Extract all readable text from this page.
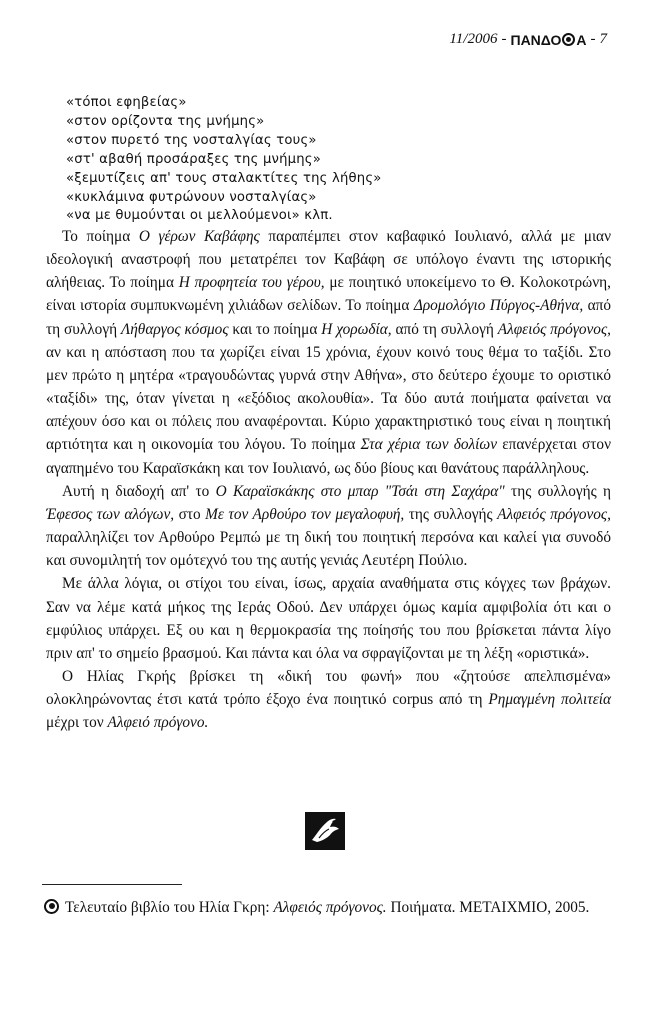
11/2006 - ΠΑΝΔΟ Α - 7
«τόποι εφηβείας»
«στον ορίζοντα της μνήμης»
«στον πυρετό της νοσταλγίας τους»
«στ' αβαθή προσάραξες της μνήμης»
«ξεμυτίζεις απ' τους σταλακτίτες της λήθης»
«κυκλάμινα φυτρώνουν νοσταλγίας»
«να με θυμούνται οι μελλούμενοι» κλπ.

Το ποίημα Ο γέρων Καβάφης παραπέμπει στον καβαφικό Ιουλιανό, αλλά με μιαν ιδεολογική αναστροφή που μετατρέπει τον Καβάφη σε υπόλογο έναντι της ιστορικής αλήθειας. Το ποίημα Η προφητεία του γέρου, με ποιητικό υποκείμενο το Θ. Κολοκοτρώνη, είναι ιστορία συμπυκνωμένη χιλιάδων σελίδων. Το ποίημα Δρομολόγιο Πύργος-Αθήνα, από τη συλλογή Λήθαργος κόσμος και το ποίημα Η χορωδία, από τη συλλογή Αλφειός πρόγονος, αν και η απόσταση που τα χωρίζει είναι 15 χρόνια, έχουν κοινό τους θέμα το ταξίδι. Στο μεν πρώτο η μητέρα «τραγουδώντας γυρνά στην Αθήνα», στο δεύτερο έχουμε το οριστικό «ταξίδι» της, όταν γίνεται η «εξόδιος ακολουθία». Τα δύο αυτά ποιήματα φαίνεται να απέχουν όσο και οι πόλεις που αναφέρονται. Κύριο χαρακτηριστικό τους είναι η ποιητική αρτιότητα και η οικονομία του λόγου. Το ποίημα Στα χέρια των δολίων επανέρχεται στον αγαπημένο του Καραϊσκάκη και τον Ιουλιανό, ως δύο βίους και θανάτους παράλληλους.

Αυτή η διαδοχή απ' το Ο Καραϊσκάκης στο μπαρ "Τσάι στη Σαχάρα" της συλλογής η Έφεσος των αλόγων, στο Με τον Αρθούρο τον μεγαλοφυή, της συλλογής Αλφειός πρόγονος, παραλληλίζει τον Αρθούρο Ρεμπώ με τη δική του ποιητική περσόνα και καλεί για συνοδό και συνομιλητή τον ομότεχνό του της αυτής γενιάς Λευτέρη Πούλιο.

Με άλλα λόγια, οι στίχοι του είναι, ίσως, αρχαία αναθήματα στις κόγχες των βράχων. Σαν να λέμε κατά μήκος της Ιεράς Οδού. Δεν υπάρχει όμως καμία αμφιβολία ότι και ο εμφύλιος υπάρχει. Εξ ου και η θερμοκρασία της ποίησής του που βρίσκεται πάντα λίγο πριν απ' το σημείο βρασμού. Και πάντα και όλα να σφραγίζονται με τη λέξη «οριστικά».

Ο Ηλίας Γκρής βρίσκει τη «δική του φωνή» που «ζητούσε απελπισμένα» ολοκληρώνοντας έτσι κατά τρόπο έξοχο ένα ποιητικό corpus από τη Ρημαγμένη πολιτεία μέχρι τον Αλφειό πρόγονο.

Τελευταίο βιβλίο του Ηλία Γκρη: Αλφειός πρόγονος. Ποιήματα. ΜΕΤΑΙΧΜΙΟ, 2005.
